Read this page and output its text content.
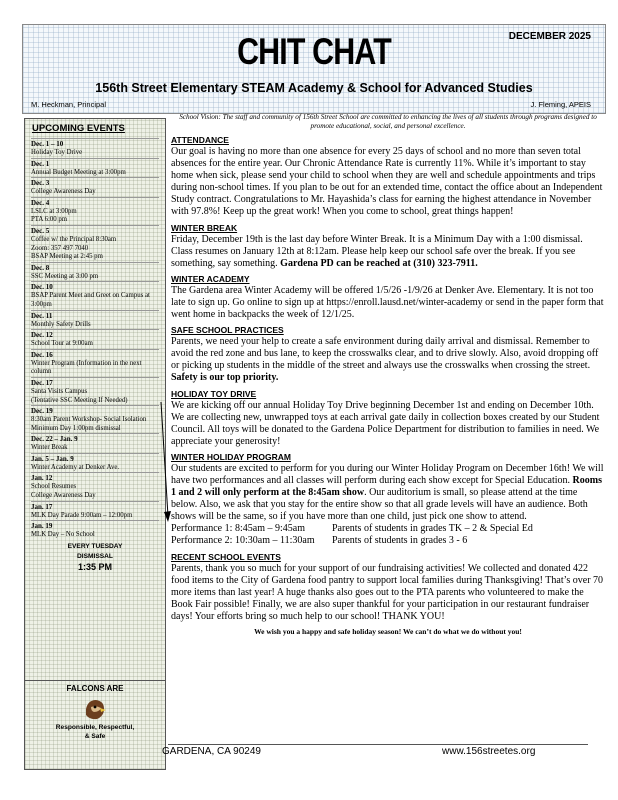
CHIT CHAT	DECEMBER 2025
156th Street Elementary STEAM Academy & School for Advanced Studies
M. Heckman, Principal	J. Fleming, APEIS
UPCOMING EVENTS
Dec. 1 – 10
Holiday Toy Drive
Dec. 1
Annual Budget Meeting at 3:00pm
Dec. 3
College Awareness Day
Dec. 4
LSLC at 3:00pm
PTA 6:00 pm
Dec. 5
Coffee w/ the Principal 8:30am
Zoom: 357 497 7040
BSAP Meeting at 2:45 pm
Dec. 8
SSC Meeting at 3:00 pm
Dec. 10
BSAP Parent Meet and Greet on Campus at 3:00pm
Dec. 11
Monthly Safety Drills
Dec. 12
School Tour at 9:00am
Dec. 16
Winter Program (Information in the next column
Dec. 17
Santa Visits Campus
(Tentative SSC Meeting If Needed)
Dec. 19
8:30am Parent Workshop- Social Isolation
Minimum Day 1:00pm dismissal
Dec. 22 – Jan. 9
Winter Break
Jan. 5 – Jan. 9
Winter Academy at Denker Ave.
Jan. 12
School Resumes
College Awareness Day
Jan. 17
MLK Day Parade 9:00am – 12:00pm
Jan. 19
MLK Day – No School
EVERY TUESDAY
DISMISSAL
1:35 PM
FALCONS ARE
Responsible, Respectful,
& Safe
School Vision: The staff and community of 156th Street School are committed to enhancing the lives of all students through programs designed to promote educational, social, and personal excellence.
ATTENDANCE
Our goal is having no more than one absence for every 25 days of school and no more than seven total absences for the entire year. Our Chronic Attendance Rate is currently 11%. While it’s important to stay home when sick, please send your child to school when they are well and schedule appointments and trips during non-school times. If you plan to be out for an extended time, contact the office about an Independent Study contract. Congratulations to Mr. Hayashida’s class for earning the highest attendance in November with 97.8%! Keep up the great work! When you come to school, great things happen!
WINTER BREAK
Friday, December 19th is the last day before Winter Break. It is a Minimum Day with a 1:00 dismissal. Class resumes on January 12th at 8:12am. Please help keep our school safe over the break. If you see something, say something. Gardena PD can be reached at (310) 323-7911.
WINTER ACADEMY
The Gardena area Winter Academy will be offered 1/5/26 -1/9/26 at Denker Ave. Elementary. It is not too late to sign up. Go online to sign up at https://enroll.lausd.net/winter-academy or send in the paper form that went home in backpacks the week of 12/1/25.
SAFE SCHOOL PRACTICES
Parents, we need your help to create a safe environment during daily arrival and dismissal. Remember to avoid the red zone and bus lane, to keep the crosswalks clear, and to drive slowly. Also, avoid dropping off or picking up students in the middle of the street and always use the crosswalks when crossing the street. Safety is our top priority.
HOLIDAY TOY DRIVE
We are kicking off our annual Holiday Toy Drive beginning December 1st and ending on December 10th. We are collecting new, unwrapped toys at each arrival gate daily in collection boxes created by our Student Council. All toys will be donated to the Gardena Police Department for distribution to families in need. We appreciate your generosity!
WINTER HOLIDAY PROGRAM
Our students are excited to perform for you during our Winter Holiday Program on December 16th! We will have two performances and all classes will perform during each show except for Special Education. Rooms 1 and 2 will only perform at the 8:45am show. Our auditorium is small, so please attend at the time below. Also, we ask that you stay for the entire show so that all grade levels will have an audience. Both shows will be the same, so if you have more than one child, just pick one show to attend.
Performance 1: 8:45am – 9:45am	Parents of students in grades TK – 2 & Special Ed
Performance 2: 10:30am – 11:30am	Parents of students in grades 3 - 6
RECENT SCHOOL EVENTS
Parents, thank you so much for your support of our fundraising activities! We collected and donated 422 food items to the City of Gardena food pantry to support local families during Thanksgiving! That’s over 70 more items than last year! A huge thanks also goes out to the PTA parents who volunteered to make the Book Fair possible! Finally, we are also super thankful for your participation in our restaurant fundraiser days! Your efforts bring so much help to our school! THANK YOU!
We wish you a happy and safe holiday season! We can’t do what we do without you!
GARDENA, CA 90249	www.156streetes.org
